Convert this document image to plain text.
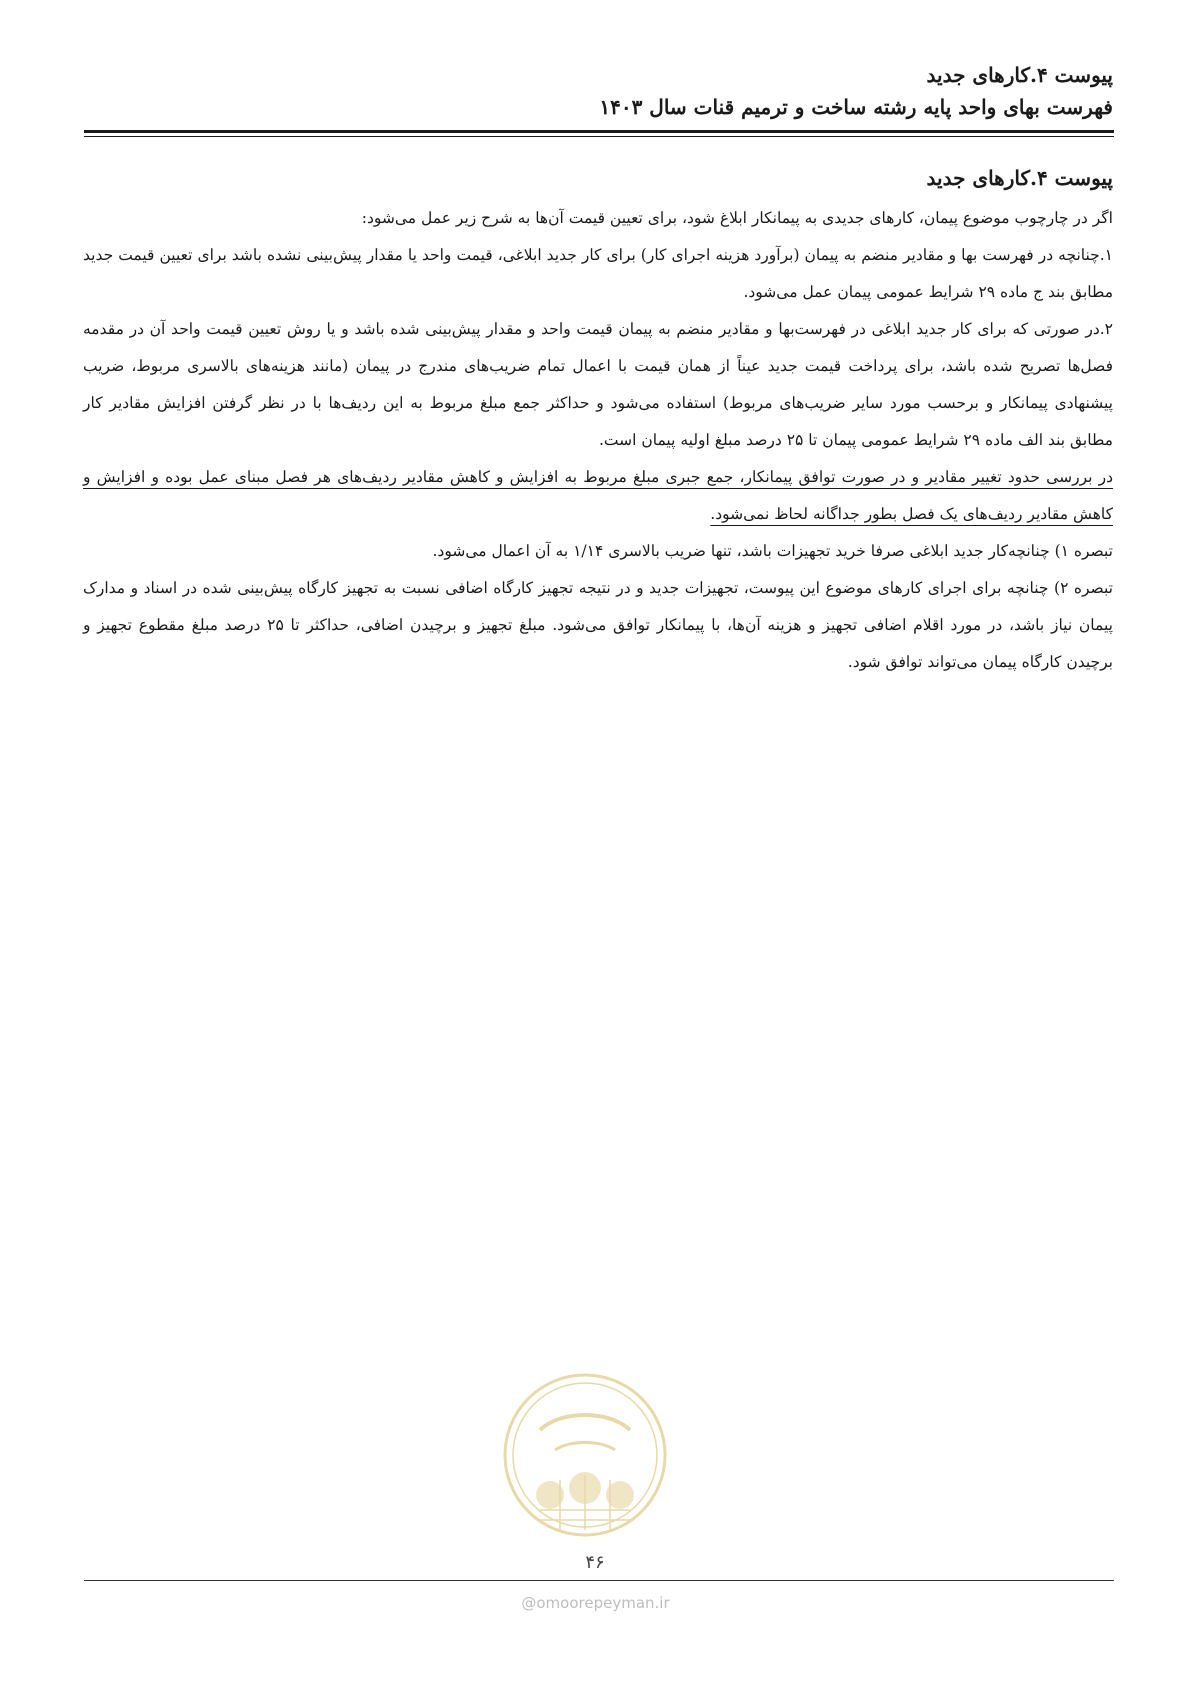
پیوست ۴.کارهای جدید
فهرست بهای واحد پایه رشته ساخت و ترمیم قنات سال ۱۴۰۳
پیوست ۴.کارهای جدید

اگر در چارچوب موضوع پیمان، کارهای جدیدی به پیمانکار ابلاغ شود، برای تعیین قیمت آن‌ها به شرح زیر عمل می‌شود:

۱.چنانچه در فهرست بها و مقادیر منضم به پیمان (برآورد هزینه اجرای کار) برای کار جدید ابلاغی، قیمت واحد یا مقدار پیش‌بینی نشده باشد برای تعیین قیمت جدید مطابق بند ج ماده ۲۹ شرایط عمومی پیمان عمل می‌شود.

۲.در صورتی که برای کار جدید ابلاغی در فهرست‌بها و مقادیر منضم به پیمان قیمت واحد و مقدار پیش‌بینی شده باشد و یا روش تعیین قیمت واحد آن در مقدمه فصل‌ها تصریح شده باشد، برای پرداخت قیمت جدید عیناً از همان قیمت با اعمال تمام ضریب‌های مندرج در پیمان (مانند هزینه‌های بالاسری مربوط، ضریب پیشنهادی پیمانکار و برحسب مورد سایر ضریب‌های مربوط) استفاده می‌شود و حداکثر جمع مبلغ مربوط به این ردیف‌ها با در نظر گرفتن افزایش مقادیر کار مطابق بند الف ماده ۲۹ شرایط عمومی پیمان تا ۲۵ درصد مبلغ اولیه پیمان است.

در بررسی حدود تغییر مقادیر و در صورت توافق پیمانکار، جمع جبری مبلغ مربوط به افزایش و کاهش مقادیر ردیف‌های هر فصل مبنای عمل بوده و افزایش و کاهش مقادیر ردیف‌های یک فصل بطور جداگانه لحاظ نمی‌شود.

تبصره ۱) چنانچه‌کار جدید ابلاغی صرفا خرید تجهیزات باشد، تنها ضریب بالاسری ۱/۱۴ به آن اعمال می‌شود.

تبصره ۲) چنانچه برای اجرای کارهای موضوع این پیوست، تجهیزات جدید و در نتیجه تجهیز کارگاه اضافی نسبت به تجهیز کارگاه پیش‌بینی شده در اسناد و مدارک پیمان نیاز باشد، در مورد اقلام اضافی تجهیز و هزینه آن‌ها، با پیمانکار توافق می‌شود. مبلغ تجهیز و برچیدن اضافی، حداکثر تا ۲۵ درصد مبلغ مقطوع تجهیز و برچیدن کارگاه پیمان می‌تواند توافق شود.

۴۶
@omoorepeyman.ir
